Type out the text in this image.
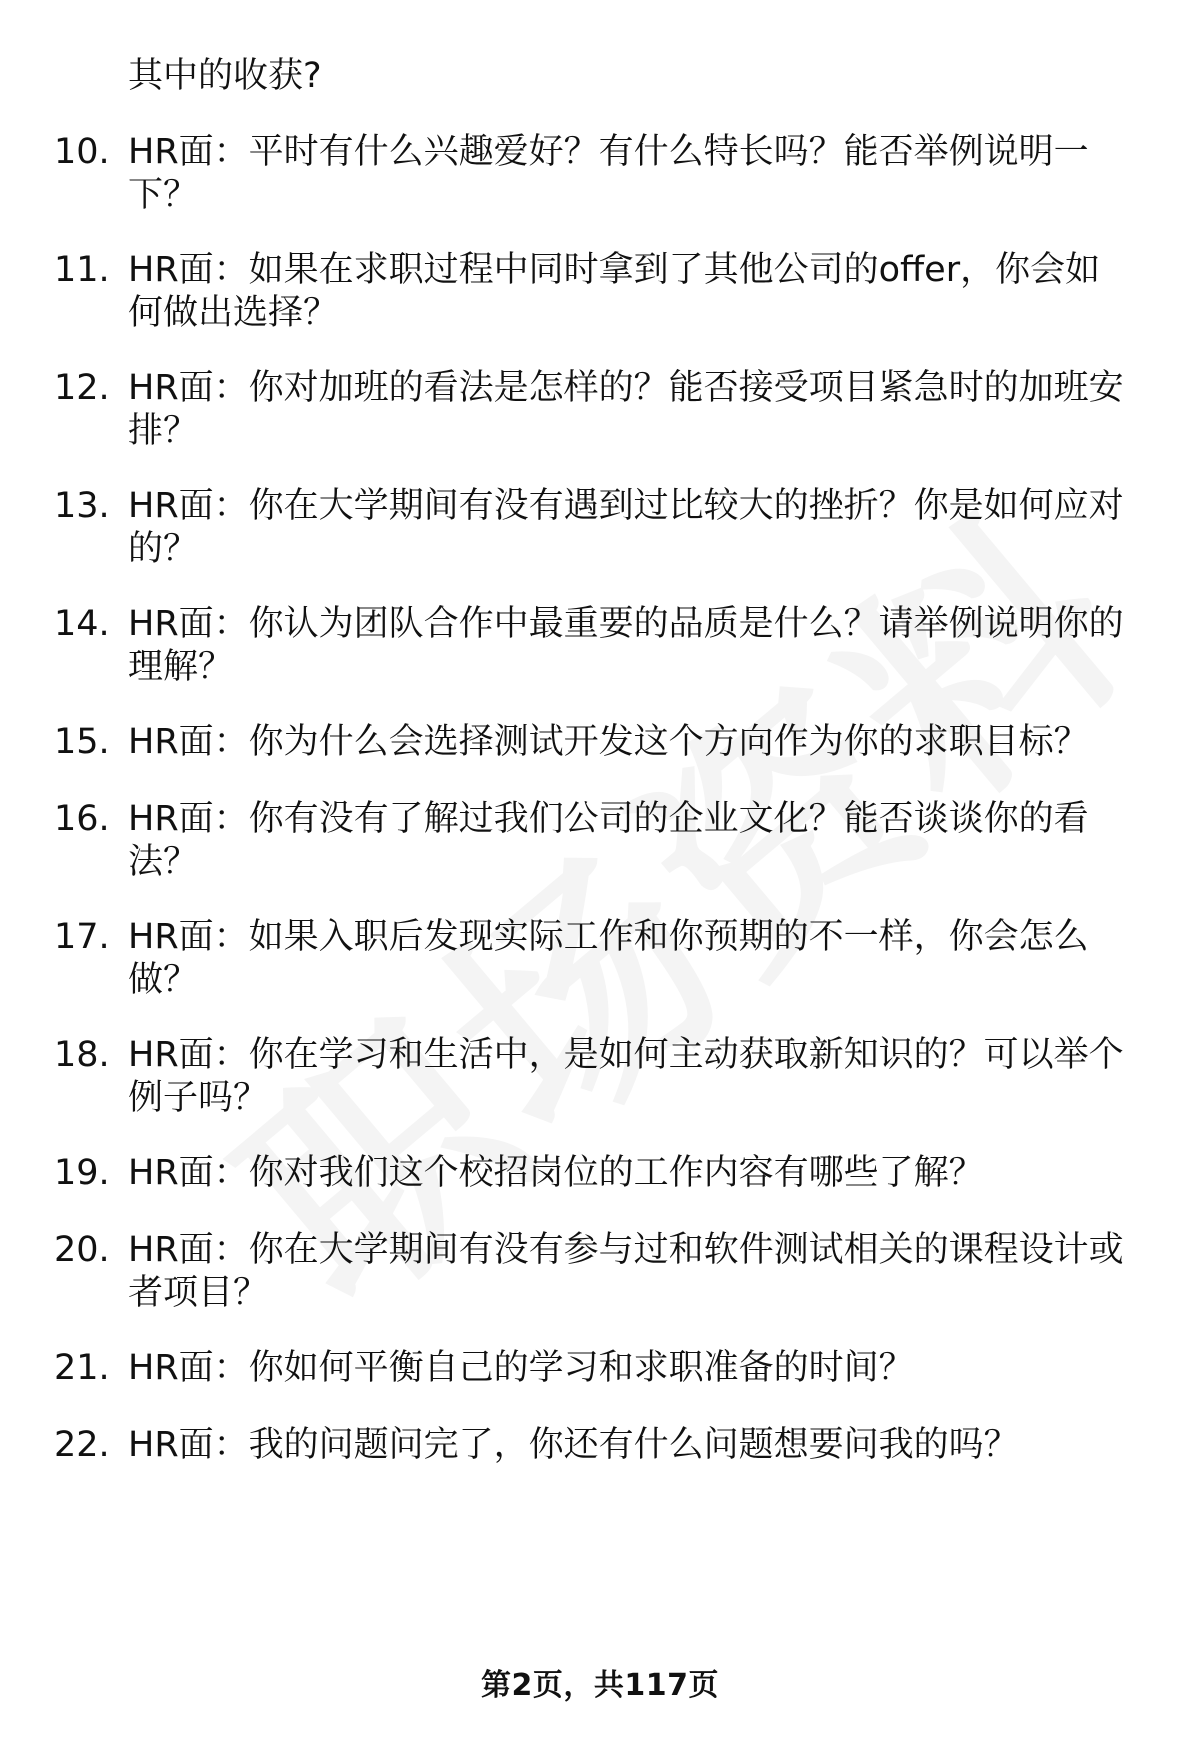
其中的收获?
10. HR面：平时有什么兴趣爱好？有什么特长吗？能否举例说明一
下？
11. HR面：如果在求职过程中同时拿到了其他公司的offer，你会如
何做出选择？
12. HR面：你对加班的看法是怎样的？能否接受项目紧急时的加班安
排？
13. HR面：你在大学期间有没有遇到过比较大的挫折？你是如何应对
的？
14. HR面：你认为团队合作中最重要的品质是什么？请举例说明你的
理解？
15. HR面：你为什么会选择测试开发这个方向作为你的求职目标？
16. HR面：你有没有了解过我们公司的企业文化？能否谈谈你的看
法？
17. HR面：如果入职后发现实际工作和你预期的不一样，你会怎么
做？
18. HR面：你在学习和生活中，是如何主动获取新知识的？可以举个
例子吗？
19. HR面：你对我们这个校招岗位的工作内容有哪些了解？
20. HR面：你在大学期间有没有参与过和软件测试相关的课程设计或
者项目？
21. HR面：你如何平衡自己的学习和求职准备的时间？
22. HR面：我的问题问完了，你还有什么问题想要问我的吗？
第2页，共117页
